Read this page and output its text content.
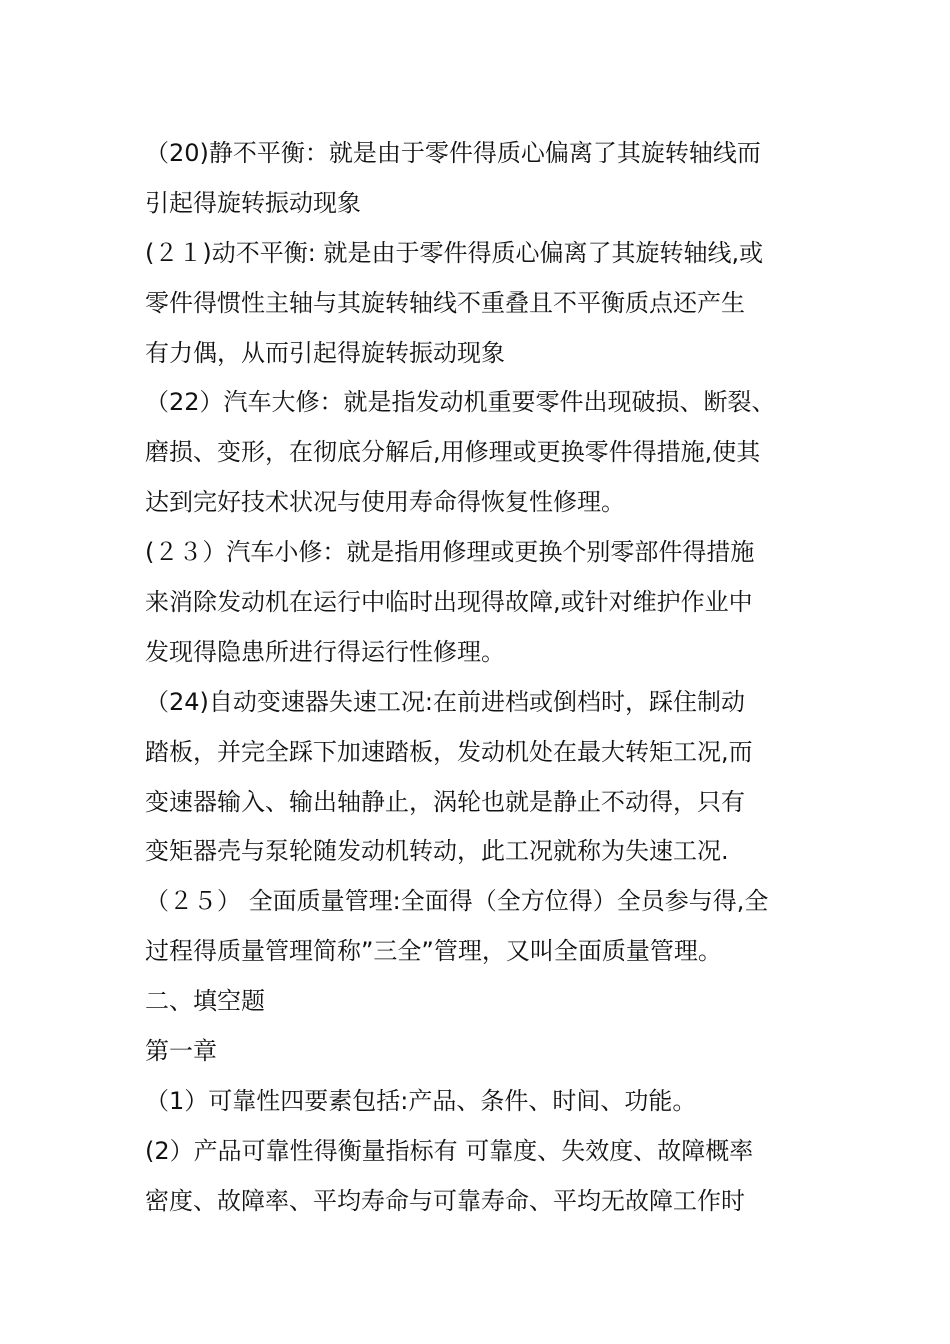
（20)静不平衡：就是由于零件得质心偏离了其旋转轴线而
引起得旋转振动现象
(２１)动不平衡: 就是由于零件得质心偏离了其旋转轴线,或
零件得惯性主轴与其旋转轴线不重叠且不平衡质点还产生
有力偶，从而引起得旋转振动现象
（22）汽车大修：就是指发动机重要零件出现破损、断裂、
磨损、变形，在彻底分解后,用修理或更换零件得措施,使其
达到完好技术状况与使用寿命得恢复性修理。
(２３）汽车小修：就是指用修理或更换个别零部件得措施
来消除发动机在运行中临时出现得故障,或针对维护作业中
发现得隐患所进行得运行性修理。
（24)自动变速器失速工况:在前进档或倒档时，踩住制动
踏板，并完全踩下加速踏板，发动机处在最大转矩工况,而
变速器输入、输出轴静止，涡轮也就是静止不动得，只有
变矩器壳与泵轮随发动机转动，此工况就称为失速工况.
（２５） 全面质量管理:全面得（全方位得）全员参与得,全
过程得质量管理简称”三全”管理，又叫全面质量管理。
二、填空题
第一章
（1）可靠性四要素包括:产品、条件、时间、功能。
(2）产品可靠性得衡量指标有 可靠度、失效度、故障概率
密度、故障率、平均寿命与可靠寿命、平均无故障工作时
